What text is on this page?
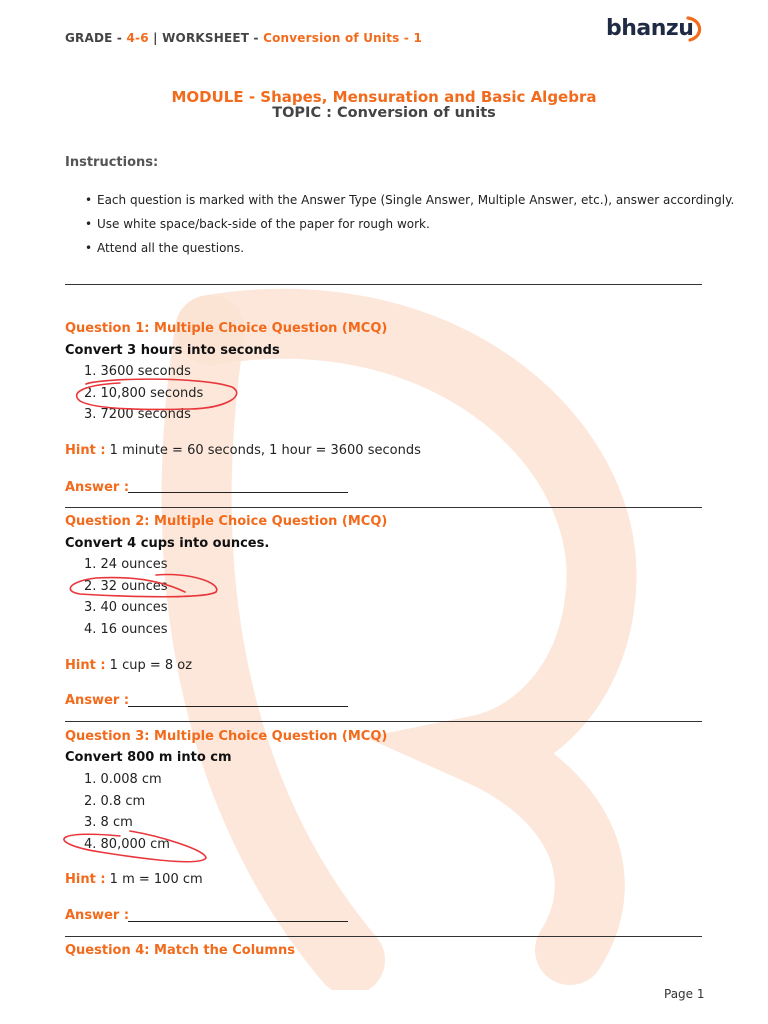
GRADE - 4-6 | WORKSHEET - Conversion of Units - 1	bhanzu
MODULE - Shapes, Mensuration and Basic Algebra
TOPIC : Conversion of units
Instructions:
• Each question is marked with the Answer Type (Single Answer, Multiple Answer, etc.), answer accordingly.
• Use white space/back-side of the paper for rough work.
• Attend all the questions.
Question 1: Multiple Choice Question (MCQ)
Convert 3 hours into seconds
1. 3600 seconds
2. 10,800 seconds
3. 7200 seconds
Hint : 1 minute = 60 seconds, 1 hour = 3600 seconds
Answer :
Question 2: Multiple Choice Question (MCQ)
Convert 4 cups into ounces.
1. 24 ounces
2. 32 ounces
3. 40 ounces
4. 16 ounces
Hint : 1 cup = 8 oz
Answer :
Question 3: Multiple Choice Question (MCQ)
Convert 800 m into cm
1. 0.008 cm
2. 0.8 cm
3. 8 cm
4. 80,000 cm
Hint : 1 m = 100 cm
Answer :
Question 4: Match the Columns
Page 1
